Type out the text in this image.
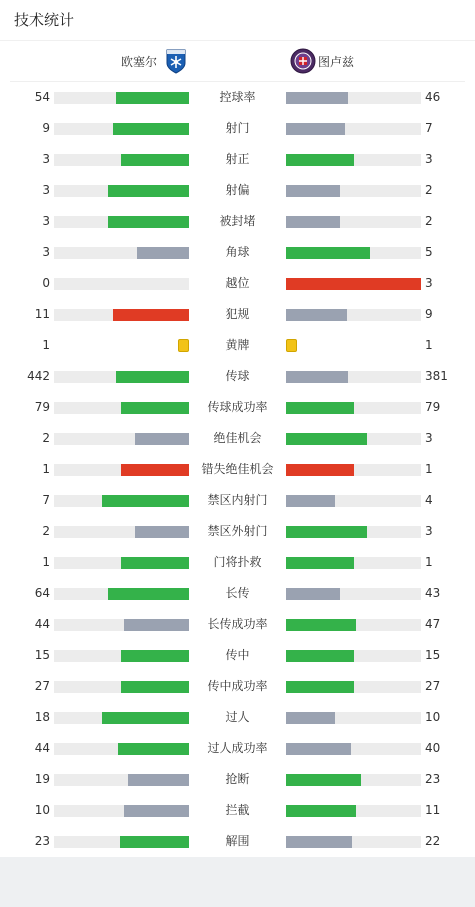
技术统计
欧塞尔	图卢兹
54	控球率	46
9	射门	7
3	射正	3
3	射偏	2
3	被封堵	2
3	角球	5
0	越位	3
11	犯规	9
1	黄牌	1
442	传球	381
79	传球成功率	79
2	绝佳机会	3
1	错失绝佳机会	1
7	禁区内射门	4
2	禁区外射门	3
1	门将扑救	1
64	长传	43
44	长传成功率	47
15	传中	15
27	传中成功率	27
18	过人	10
44	过人成功率	40
19	抢断	23
10	拦截	11
23	解围	22
